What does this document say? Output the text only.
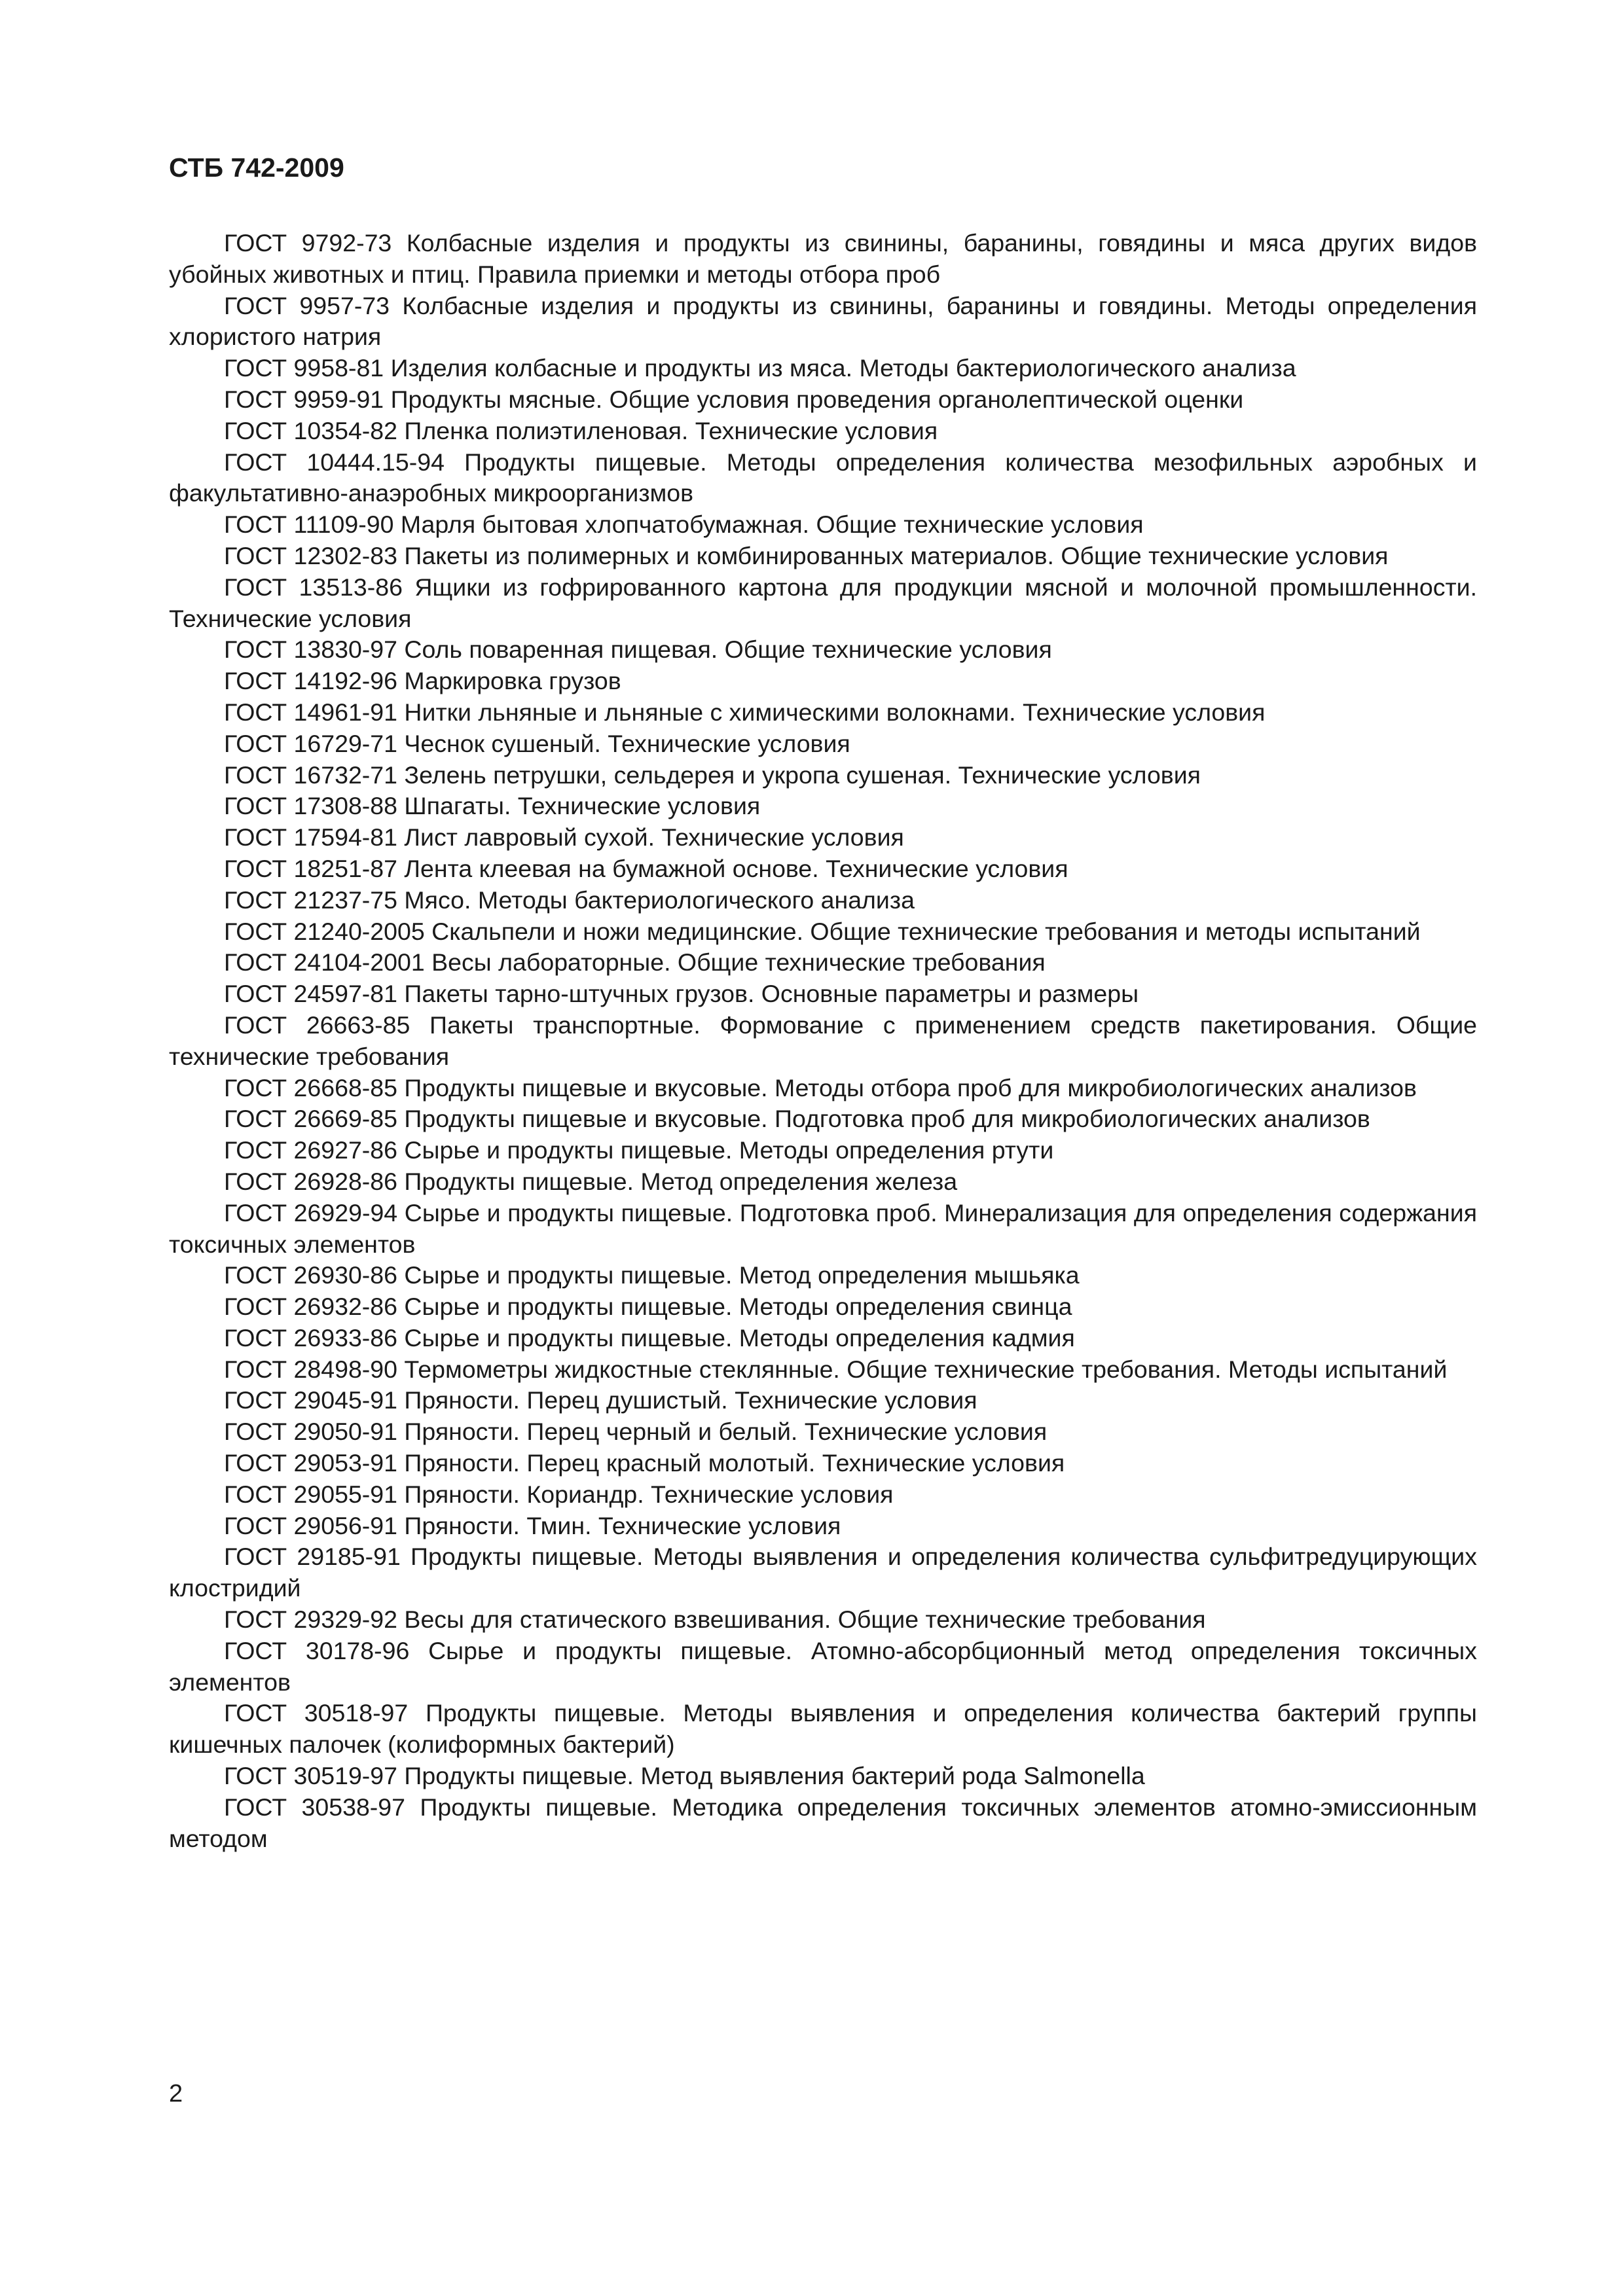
СТБ 742-2009
ГОСТ 9792-73 Колбасные изделия и продукты из свинины, баранины, говядины и мяса других видов убойных животных и птиц. Правила приемки и методы отбора проб
ГОСТ 9957-73 Колбасные изделия и продукты из свинины, баранины и говядины. Методы определения хлористого натрия
ГОСТ 9958-81 Изделия колбасные и продукты из мяса. Методы бактериологического анализа
ГОСТ 9959-91 Продукты мясные. Общие условия проведения органолептической оценки
ГОСТ 10354-82 Пленка полиэтиленовая. Технические условия
ГОСТ 10444.15-94 Продукты пищевые. Методы определения количества мезофильных аэробных и факультативно-анаэробных микроорганизмов
ГОСТ 11109-90 Марля бытовая хлопчатобумажная. Общие технические условия
ГОСТ 12302-83 Пакеты из полимерных и комбинированных материалов. Общие технические условия
ГОСТ 13513-86 Ящики из гофрированного картона для продукции мясной и молочной промышленности. Технические условия
ГОСТ 13830-97 Соль поваренная пищевая. Общие технические условия
ГОСТ 14192-96 Маркировка грузов
ГОСТ 14961-91 Нитки льняные и льняные с химическими волокнами. Технические условия
ГОСТ 16729-71 Чеснок сушеный. Технические условия
ГОСТ 16732-71 Зелень петрушки, сельдерея и укропа сушеная. Технические условия
ГОСТ 17308-88 Шпагаты. Технические условия
ГОСТ 17594-81 Лист лавровый сухой. Технические условия
ГОСТ 18251-87 Лента клеевая на бумажной основе. Технические условия
ГОСТ 21237-75 Мясо. Методы бактериологического анализа
ГОСТ 21240-2005 Скальпели и ножи медицинские. Общие технические требования и методы испытаний
ГОСТ 24104-2001 Весы лабораторные. Общие технические требования
ГОСТ 24597-81 Пакеты тарно-штучных грузов. Основные параметры и размеры
ГОСТ 26663-85 Пакеты транспортные. Формование с применением средств пакетирования. Общие технические требования
ГОСТ 26668-85 Продукты пищевые и вкусовые. Методы отбора проб для микробиологических анализов
ГОСТ 26669-85 Продукты пищевые и вкусовые. Подготовка проб для микробиологических анализов
ГОСТ 26927-86 Сырье и продукты пищевые. Методы определения ртути
ГОСТ 26928-86 Продукты пищевые. Метод определения железа
ГОСТ 26929-94 Сырье и продукты пищевые. Подготовка проб. Минерализация для определения содержания токсичных элементов
ГОСТ 26930-86 Сырье и продукты пищевые. Метод определения мышьяка
ГОСТ 26932-86 Сырье и продукты пищевые. Методы определения свинца
ГОСТ 26933-86 Сырье и продукты пищевые. Методы определения кадмия
ГОСТ 28498-90 Термометры жидкостные стеклянные. Общие технические требования. Методы испытаний
ГОСТ 29045-91 Пряности. Перец душистый. Технические условия
ГОСТ 29050-91 Пряности. Перец черный и белый. Технические условия
ГОСТ 29053-91 Пряности. Перец красный молотый. Технические условия
ГОСТ 29055-91 Пряности. Кориандр. Технические условия
ГОСТ 29056-91 Пряности. Тмин. Технические условия
ГОСТ 29185-91 Продукты пищевые. Методы выявления и определения количества сульфитредуцирующих клостридий
ГОСТ 29329-92 Весы для статического взвешивания. Общие технические требования
ГОСТ 30178-96 Сырье и продукты пищевые. Атомно-абсорбционный метод определения токсичных элементов
ГОСТ 30518-97 Продукты пищевые. Методы выявления и определения количества бактерий группы кишечных палочек (колиформных бактерий)
ГОСТ 30519-97 Продукты пищевые. Метод выявления бактерий рода Salmonella
ГОСТ 30538-97 Продукты пищевые. Методика определения токсичных элементов атомно-эмиссионным методом
2
